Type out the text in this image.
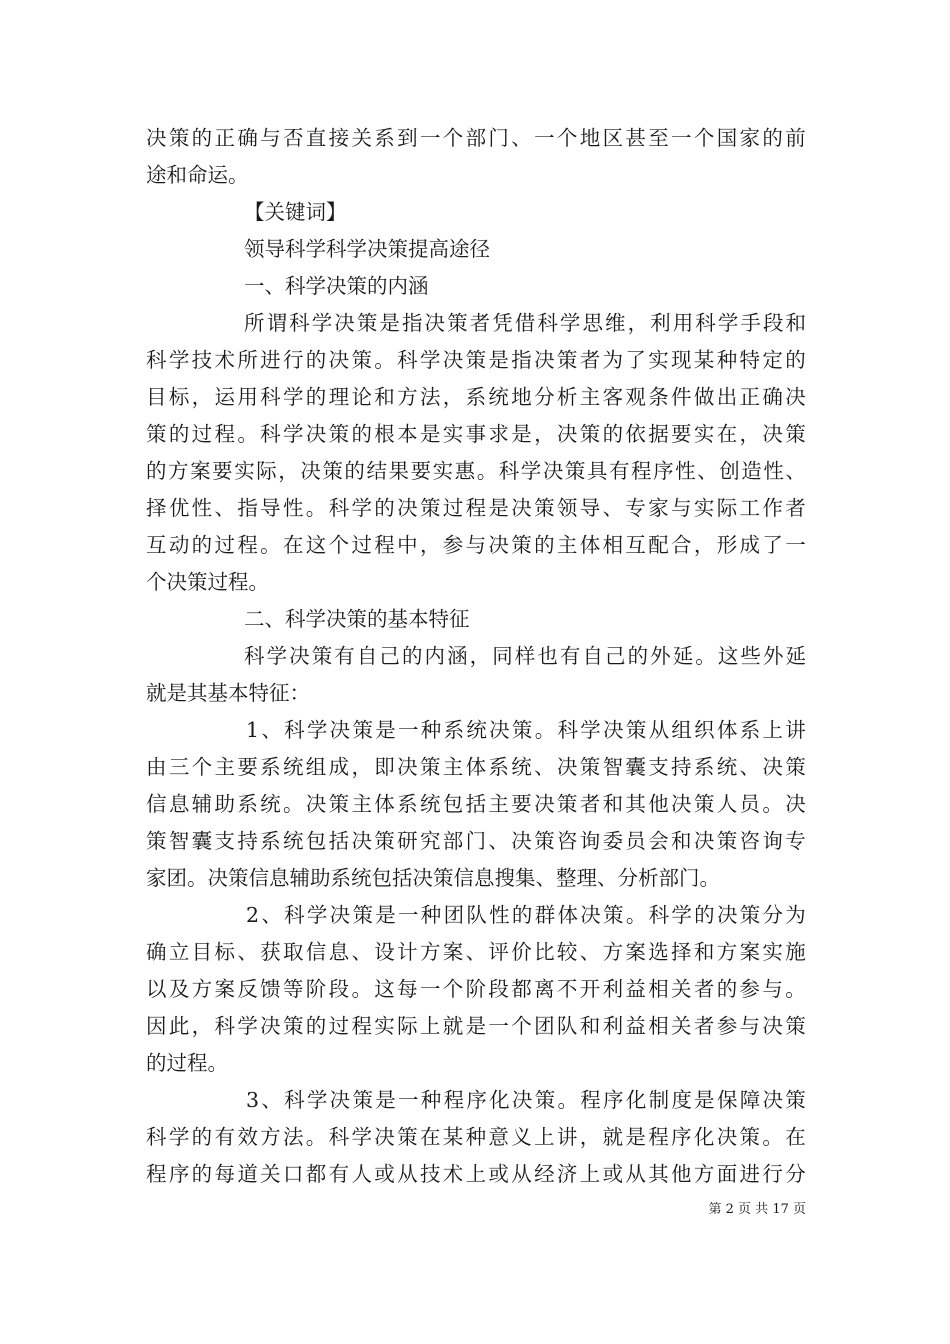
决 策 的 正 确 与 否 直 接 关 系 到 一 个 部 门 、 一 个 地 区 甚 至 一 个 国 家 的 前
途和命运。
【关键词】
领导科学科学决策提高途径
一、科学决策的内涵
所 谓 科 学 决 策 是 指 决 策 者 凭 借 科 学 思 维 ， 利 用 科 学 手 段 和
科 学 技 术 所 进 行 的 决 策 。 科 学 决 策 是 指 决 策 者 为 了 实 现 某 种 特 定 的
目 标 ， 运 用 科 学 的 理 论 和 方 法 ， 系 统 地 分 析 主 客 观 条 件 做 出 正 确 决
策 的 过 程 。 科 学 决 策 的 根 本 是 实 事 求 是 ， 决 策 的 依 据 要 实 在 ， 决 策
的 方 案 要 实 际 ， 决 策 的 结 果 要 实 惠 。 科 学 决 策 具 有 程 序 性 、 创 造 性 、
择 优 性 、 指 导 性 。 科 学 的 决 策 过 程 是 决 策 领 导 、 专 家 与 实 际 工 作 者
互 动 的 过 程 。 在 这 个 过 程 中 ， 参 与 决 策 的 主 体 相 互 配 合 ， 形 成 了 一
个决策过程。
二、科学决策的基本特征
科 学 决 策 有 自 己 的 内 涵 ， 同 样 也 有 自 己 的 外 延 。 这 些 外 延
就是其基本特征：
1 、 科 学 决 策 是 一 种 系 统 决 策 。 科 学 决 策 从 组 织 体 系 上 讲
由 三 个 主 要 系 统 组 成 ， 即 决 策 主 体 系 统 、 决 策 智 囊 支 持 系 统 、 决 策
信 息 辅 助 系 统 。 决 策 主 体 系 统 包 括 主 要 决 策 者 和 其 他 决 策 人 员 。 决
策 智 囊 支 持 系 统 包 括 决 策 研 究 部 门 、 决 策 咨 询 委 员 会 和 决 策 咨 询 专
家团。决策信息辅助系统包括决策信息搜集、整理、分析部门。
2 、 科 学 决 策 是 一 种 团 队 性 的 群 体 决 策 。 科 学 的 决 策 分 为
确 立 目 标 、 获 取 信 息 、 设 计 方 案 、 评 价 比 较 、 方 案 选 择 和 方 案 实 施
以 及 方 案 反 馈 等 阶 段 。 这 每 一 个 阶 段 都 离 不 开 利 益 相 关 者 的 参 与 。
因 此 ， 科 学 决 策 的 过 程 实 际 上 就 是 一 个 团 队 和 利 益 相 关 者 参 与 决 策
的过程。
3 、 科 学 决 策 是 一 种 程 序 化 决 策 。 程 序 化 制 度 是 保 障 决 策
科 学 的 有 效 方 法 。 科 学 决 策 在 某 种 意 义 上 讲 ， 就 是 程 序 化 决 策 。 在
程 序 的 每 道 关 口 都 有 人 或 从 技 术 上 或 从 经 济 上 或 从 其 他 方 面 进 行 分
第 2 页 共 17 页
